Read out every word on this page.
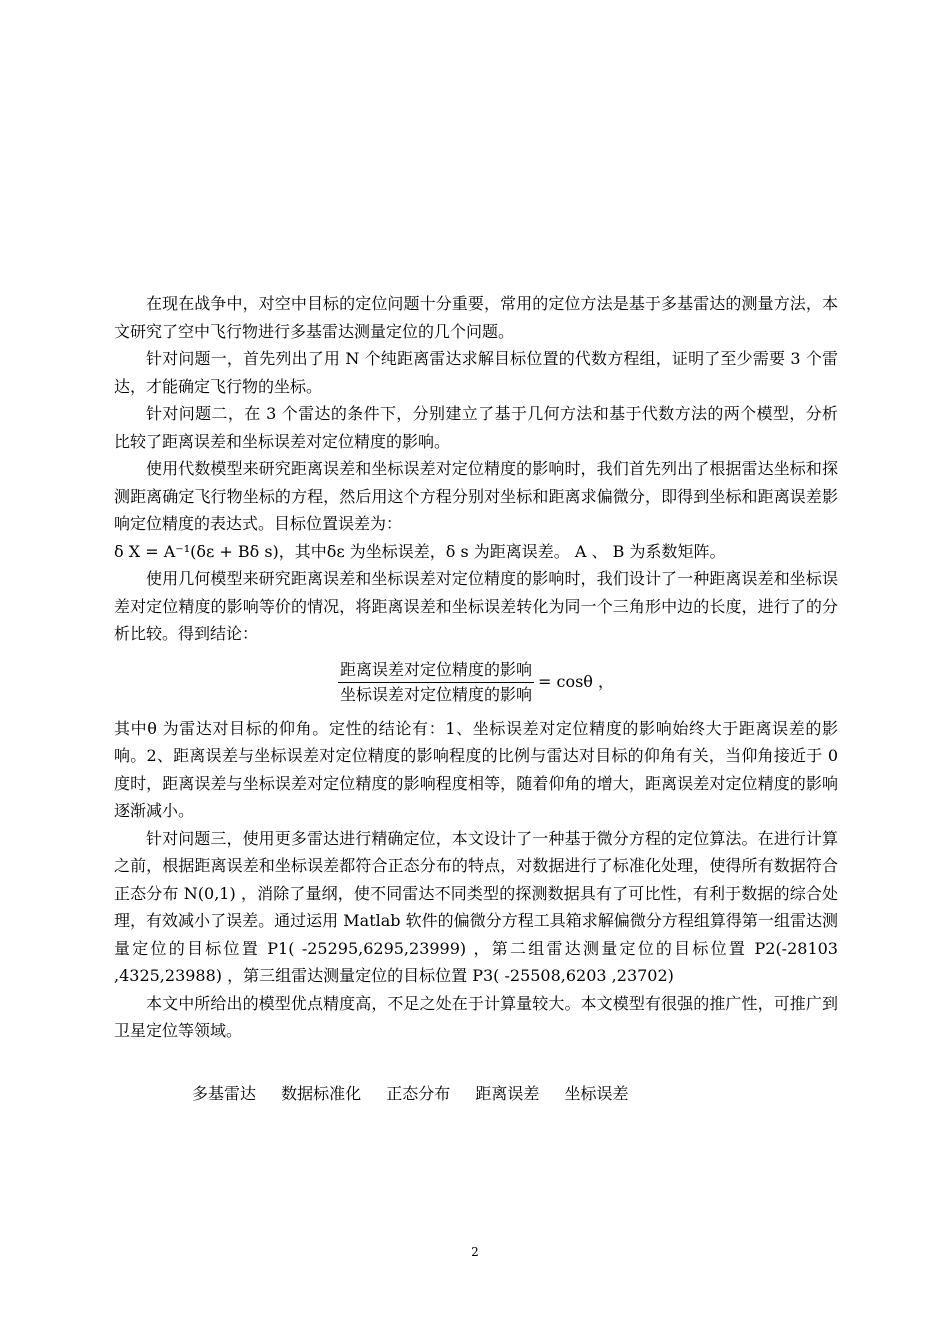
在现在战争中，对空中目标的定位问题十分重要，常用的定位方法是基于多基雷达的测量方法，本文研究了空中飞行物进行多基雷达测量定位的几个问题。

针对问题一，首先列出了用 N 个纯距离雷达求解目标位置的代数方程组，证明了至少需要 3 个雷达，才能确定飞行物的坐标。

针对问题二，在 3 个雷达的条件下，分别建立了基于几何方法和基于代数方法的两个模型，分析比较了距离误差和坐标误差对定位精度的影响。

使用代数模型来研究距离误差和坐标误差对定位精度的影响时，我们首先列出了根据雷达坐标和探测距离确定飞行物坐标的方程，然后用这个方程分别对坐标和距离求偏微分，即得到坐标和距离误差影响定位精度的表达式。目标位置误差为：

δ X = A⁻¹(δε + Bδ s)，其中δε 为坐标误差，δ s 为距离误差。 A 、 B 为系数矩阵。

使用几何模型来研究距离误差和坐标误差对定位精度的影响时，我们设计了一种距离误差和坐标误差对定位精度的影响等价的情况，将距离误差和坐标误差转化为同一个三角形中边的长度，进行了的分析比较。得到结论：

$\frac{\text{距离误差对定位精度的影响}}{\text{坐标误差对定位精度的影响}} = \cos\theta$ ，

其中θ 为雷达对目标的仰角。定性的结论有：1、坐标误差对定位精度的影响始终大于距离误差的影响。2、距离误差与坐标误差对定位精度的影响程度的比例与雷达对目标的仰角有关，当仰角接近于 0 度时，距离误差与坐标误差对定位精度的影响程度相等，随着仰角的增大，距离误差对定位精度的影响逐渐减小。

针对问题三，使用更多雷达进行精确定位，本文设计了一种基于微分方程的定位算法。在进行计算之前，根据距离误差和坐标误差都符合正态分布的特点，对数据进行了标准化处理，使得所有数据符合正态分布 N(0,1) ，消除了量纲，使不同雷达不同类型的探测数据具有了可比性，有利于数据的综合处理，有效减小了误差。通过运用 Matlab 软件的偏微分方程工具箱求解偏微分方程组算得第一组雷达测量定位的目标位置 P1( -25295,6295,23999) ，第二组雷达测量定位的目标位置 P2(-28103 ,4325,23988) ，第三组雷达测量定位的目标位置 P3( -25508,6203 ,23702)

本文中所给出的模型优点精度高，不足之处在于计算量较大。本文模型有很强的推广性，可推广到卫星定位等领域。

多基雷达 数据标准化 正态分布 距离误差 坐标误差
2
